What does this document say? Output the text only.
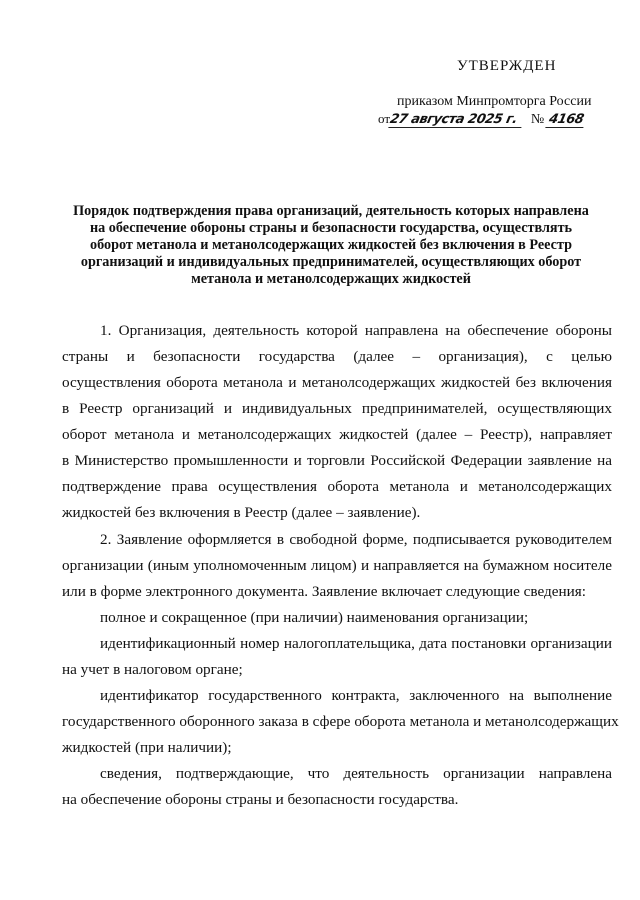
УТВЕРЖДЕН
приказом Минпромторга России
от27 августа 2025 г. № 4168
Порядок подтверждения права организаций, деятельность которых направлена
на обеспечение обороны страны и безопасности государства, осуществлять
оборот метанола и метанолсодержащих жидкостей без включения в Реестр
организаций и индивидуальных предпринимателей, осуществляющих оборот
метанола и метанолсодержащих жидкостей
1. Организация, деятельность которой направлена на обеспечение обороны
страны и безопасности государства (далее – организация), с целью
осуществления оборота метанола и метанолсодержащих жидкостей без включения
в Реестр организаций и индивидуальных предпринимателей, осуществляющих
оборот метанола и метанолсодержащих жидкостей (далее – Реестр), направляет
в Министерство промышленности и торговли Российской Федерации заявление на
подтверждение права осуществления оборота метанола и метанолсодержащих
жидкостей без включения в Реестр (далее – заявление).
2. Заявление оформляется в свободной форме, подписывается руководителем
организации (иным уполномоченным лицом) и направляется на бумажном носителе
или в форме электронного документа. Заявление включает следующие сведения:
полное и сокращенное (при наличии) наименования организации;
идентификационный номер налогоплательщика, дата постановки организации
на учет в налоговом органе;
идентификатор государственного контракта, заключенного на выполнение
государственного оборонного заказа в сфере оборота метанола и метанолсодержащих
жидкостей (при наличии);
сведения, подтверждающие, что деятельность организации направлена
на обеспечение обороны страны и безопасности государства.
